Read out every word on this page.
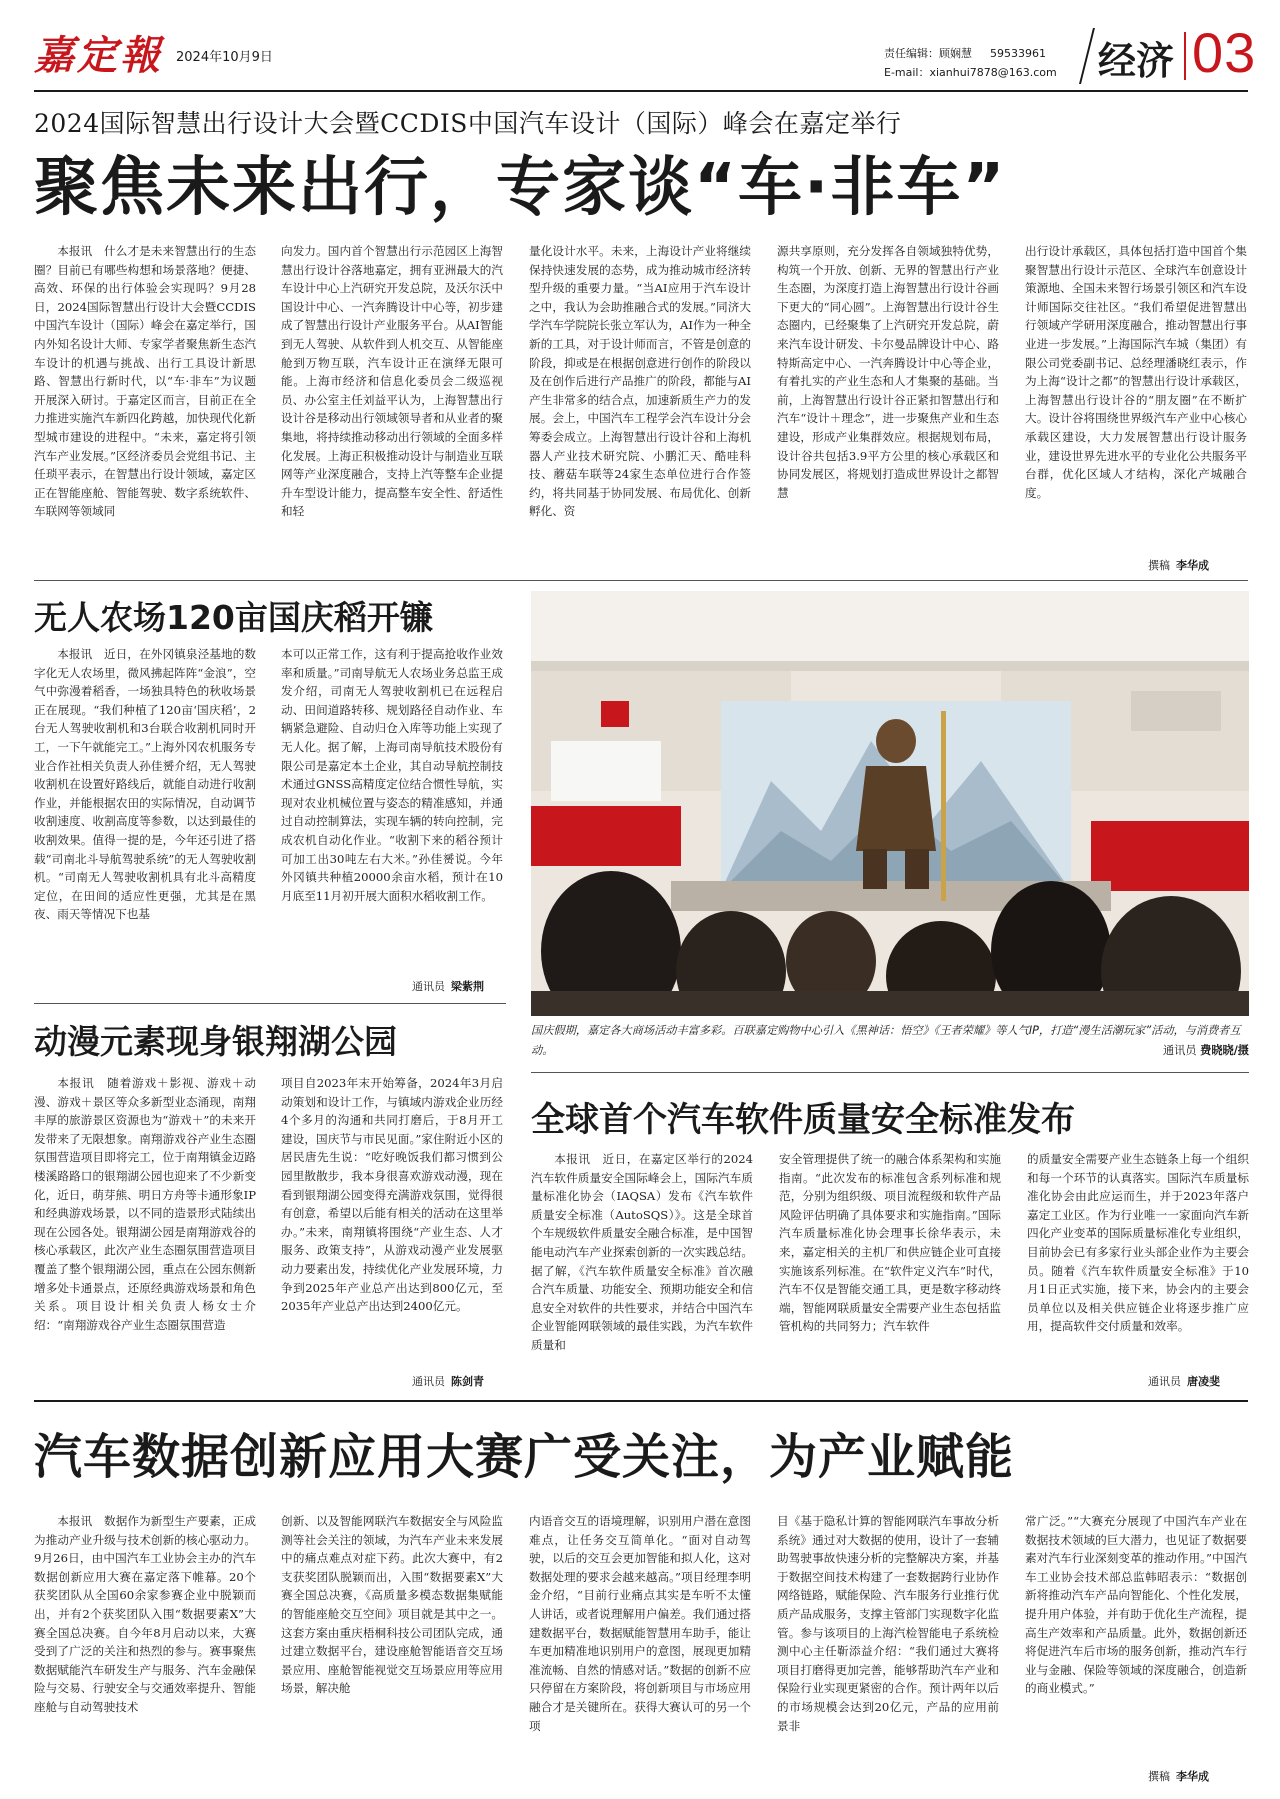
嘉定報 2024年10月9日	责任编辑：顾娴慧 59533961
E-mail：xianhui7878@163.com 经济 03
2024国际智慧出行设计大会暨CCDIS中国汽车设计（国际）峰会在嘉定举行
聚焦未来出行，专家谈“车·非车”

本报讯　什么才是未来智慧出行的生态圈？目前已有哪些构想和场景落地？便捷、高效、环保的出行体验会实现吗？9月28日，2024国际智慧出行设计大会暨CCDIS中国汽车设计（国际）峰会在嘉定举行，国内外知名设计大师、专家学者聚焦新生态汽车设计的机遇与挑战、出行工具设计新思路、智慧出行新时代，以“车·非车”为议题开展深入研讨。于嘉定区而言，目前正在全力推进实施汽车新四化跨越，加快现代化新型城市建设的进程中。“未来，嘉定将引领汽车产业发展。”区经济委员会党组书记、主任琐平表示，在智慧出行设计领域，嘉定区正在智能座舱、智能驾驶、数字系统软件、车联网等领域同

向发力。国内首个智慧出行示范园区上海智慧出行设计谷落地嘉定，拥有亚洲最大的汽车设计中心上汽研究开发总院，及沃尔沃中国设计中心、一汽奔腾设计中心等，初步建成了智慧出行设计产业服务平台。从AI智能到无人驾驶、从软件到人机交互、从智能座舱到万物互联，汽车设计正在演绎无限可能。上海市经济和信息化委员会二级巡视员、办公室主任刘益平认为，上海智慧出行设计谷是移动出行领域领导者和从业者的聚集地，将持续推动移动出行领域的全面多样化发展。上海正积极推动设计与制造业互联网等产业深度融合，支持上汽等整车企业提升车型设计能力，提高整车安全性、舒适性和轻

量化设计水平。未来，上海设计产业将继续保持快速发展的态势，成为推动城市经济转型升级的重要力量。“当AI应用于汽车设计之中，我认为会助推融合式的发展。”同济大学汽车学院院长张立军认为，AI作为一种全新的工具，对于设计师而言，不管是创意的阶段，抑或是在根据创意进行创作的阶段以及在创作后进行产品推广的阶段，都能与AI产生非常多的结合点，加速新质生产力的发展。会上，中国汽车工程学会汽车设计分会筹委会成立。上海智慧出行设计谷和上海机器人产业技术研究院、小鹏汇天、酷哇科技、蘑菇车联等24家生态单位进行合作签约，将共同基于协同发展、布局优化、创新孵化、资

源共享原则，充分发挥各自领域独特优势，构筑一个开放、创新、无界的智慧出行产业生态圈，为深度打造上海智慧出行设计谷画下更大的“同心圆”。上海智慧出行设计谷生态圈内，已经聚集了上汽研究开发总院，蔚来汽车设计研发、卡尔曼品牌设计中心、路特斯高定中心、一汽奔腾设计中心等企业，有着扎实的产业生态和人才集聚的基础。当前，上海智慧出行设计谷正紧扣智慧出行和汽车“设计＋理念”，进一步聚焦产业和生态建设，形成产业集群效应。根据规划布局，设计谷共包括3.9平方公里的核心承载区和协同发展区，将规划打造成世界设计之都智慧

出行设计承载区，具体包括打造中国首个集聚智慧出行设计示范区、全球汽车创意设计策源地、全国未来智行场景引领区和汽车设计师国际交往社区。“我们希望促进智慧出行领域产学研用深度融合，推动智慧出行事业进一步发展。”上海国际汽车城（集团）有限公司党委副书记、总经理潘晓红表示，作为上海“设计之都”的智慧出行设计承载区，上海智慧出行设计谷的“朋友圈”在不断扩大。设计谷将围绕世界级汽车产业中心核心承载区建设，大力发展智慧出行设计服务业，建设世界先进水平的专业化公共服务平台群，优化区域人才结构，深化产城融合度。

撰稿 李华成
无人农场120亩国庆稻开镰

本报讯　近日，在外冈镇泉泾基地的数字化无人农场里，微风拂起阵阵“金浪”，空气中弥漫着稻香，一场独具特色的秋收场景正在展现。“我们种植了120亩‘国庆稻’，2台无人驾驶收割机和3台联合收割机同时开工，一下午就能完工。”上海外冈农机服务专业合作社相关负责人孙佳赟介绍，无人驾驶收割机在设置好路线后，就能自动进行收割作业，并能根据农田的实际情况，自动调节收割速度、收割高度等参数，以达到最佳的收割效果。值得一提的是，今年还引进了搭载“司南北斗导航驾驶系统”的无人驾驶收割机。“司南无人驾驶收割机具有北斗高精度定位，在田间的适应性更强，尤其是在黑夜、雨天等情况下也基

本可以正常工作，这有利于提高抢收作业效率和质量。”司南导航无人农场业务总监王成发介绍，司南无人驾驶收割机已在远程启动、田间道路转移、规划路径自动作业、车辆紧急避险、自动归仓入库等功能上实现了无人化。据了解，上海司南导航技术股份有限公司是嘉定本土企业，其自动导航控制技术通过GNSS高精度定位结合惯性导航，实现对农业机械位置与姿态的精准感知，并通过自动控制算法，实现车辆的转向控制，完成农机自动化作业。“收割下来的稻谷预计可加工出30吨左右大米。”孙佳赟说。今年外冈镇共种植20000余亩水稻，预计在10月底至11月初开展大面积水稻收割工作。

通讯员 梁紫荆
国庆假期，嘉定各大商场活动丰富多彩。百联嘉定购物中心引入《黑神话：悟空》《王者荣耀》等人气IP，打造“漫生活潮玩家”活动，与消费者互动。	通讯员 费晓晓/摄
动漫元素现身银翔湖公园

本报讯　随着游戏＋影视、游戏＋动漫、游戏＋景区等众多新型业态涌现，南翔丰厚的旅游景区资源也为“游戏＋”的未来开发带来了无限想象。南翔游戏谷产业生态圈氛围营造项目即将完工，位于南翔镇金迈路楼溪路路口的银翔湖公园也迎来了不少新变化，近日，萌芽熊、明日方舟等卡通形象IP和经典游戏场景，以不同的造景形式陆续出现在公园各处。银翔湖公园是南翔游戏谷的核心承载区，此次产业生态圈氛围营造项目覆盖了整个银翔湖公园，重点在公园东侧新增多处卡通景点，还原经典游戏场景和角色关系。项目设计相关负责人杨女士介绍：“南翔游戏谷产业生态圈氛围营造

项目自2023年末开始筹备，2024年3月启动策划和设计工作，与镇域内游戏企业历经4个多月的沟通和共同打磨后，于8月开工建设，国庆节与市民见面。”家住附近小区的居民唐先生说：“吃好晚饭我们都习惯到公园里散散步，我本身很喜欢游戏动漫，现在看到银翔湖公园变得充满游戏氛围，觉得很有创意，希望以后能有相关的活动在这里举办。”未来，南翔镇将围绕“产业生态、人才服务、政策支持”，从游戏动漫产业发展驱动力要素出发，持续优化产业发展环境，力争到2025年产业总产出达到800亿元，至2035年产业总产出达到2400亿元。

通讯员 陈剑青
全球首个汽车软件质量安全标准发布

本报讯　近日，在嘉定区举行的2024汽车软件质量安全国际峰会上，国际汽车质量标准化协会（IAQSA）发布《汽车软件质量安全标准（AutoSQS）》。这是全球首个车规级软件质量安全融合标准，是中国智能电动汽车产业探索创新的一次实践总结。据了解，《汽车软件质量安全标准》首次融合汽车质量、功能安全、预期功能安全和信息安全对软件的共性要求，并结合中国汽车企业智能网联领域的最佳实践，为汽车软件质量和

安全管理提供了统一的融合体系架构和实施指南。“此次发布的标准包含系列标准和规范，分别为组织级、项目流程级和软件产品风险评估明确了具体要求和实施指南。”国际汽车质量标准化协会理事长徐华表示，未来，嘉定相关的主机厂和供应链企业可直接实施该系列标准。在“软件定义汽车”时代，汽车不仅是智能交通工具，更是数字移动终端，智能网联质量安全需要产业生态包括监管机构的共同努力；汽车软件

的质量安全需要产业生态链条上每一个组织和每一个环节的认真落实。国际汽车质量标准化协会由此应运而生，并于2023年落户嘉定工业区。作为行业唯一一家面向汽车新四化产业变革的国际质量标准化专业组织，目前协会已有多家行业头部企业作为主要会员。随着《汽车软件质量安全标准》于10月1日正式实施，接下来，协会内的主要会员单位以及相关供应链企业将逐步推广应用，提高软件交付质量和效率。

通讯员 唐凌斐
汽车数据创新应用大赛广受关注，为产业赋能

本报讯　数据作为新型生产要素，正成为推动产业升级与技术创新的核心驱动力。9月26日，由中国汽车工业协会主办的汽车数据创新应用大赛在嘉定落下帷幕。20个获奖团队从全国60余家参赛企业中脱颖而出，并有2个获奖团队入围“数据要素X”大赛全国总决赛。自今年8月启动以来，大赛受到了广泛的关注和热烈的参与。赛事聚焦数据赋能汽车研发生产与服务、汽车金融保险与交易、行驶安全与交通效率提升、智能座舱与自动驾驶技术

创新、以及智能网联汽车数据安全与风险监测等社会关注的领域，为汽车产业未来发展中的痛点难点对症下药。此次大赛中，有2支获奖团队脱颖而出，入围“数据要素X”大赛全国总决赛，《高质量多模态数据集赋能的智能座舱交互空间》项目就是其中之一。这套方案由重庆梧桐科技公司团队完成，通过建立数据平台，建设座舱智能语音交互场景应用、座舱智能视觉交互场景应用等应用场景，解决舱

内语音交互的语境理解，识别用户潜在意图难点，让任务交互简单化。“面对自动驾驶，以后的交互会更加智能和拟人化，这对数据处理的要求会越来越高。”项目经理李明金介绍，“目前行业痛点其实是车听不太懂人讲话，或者说理解用户偏差。我们通过搭建数据平台，数据赋能智慧用车助手，能让车更加精准地识别用户的意图，展现更加精准流畅、自然的情感对话。”数据的创新不应只停留在方案阶段，将创新项目与市场应用融合才是关键所在。获得大赛认可的另一个项

目《基于隐私计算的智能网联汽车事故分析系统》通过对大数据的使用，设计了一套辅助驾驶事故快速分析的完整解决方案，并基于数据空间技术构建了一套数据跨行业协作网络链路，赋能保险、汽车服务行业推行优质产品成服务，支撑主管部门实现数字化监管。参与该项目的上海汽检智能电子系统检测中心主任靳添益介绍：“我们通过大赛将项目打磨得更加完善，能够帮助汽车产业和保险行业实现更紧密的合作。预计两年以后的市场规模会达到20亿元，产品的应用前景非

常广泛。”“大赛充分展现了中国汽车产业在数据技术领域的巨大潜力，也见证了数据要素对汽车行业深刻变革的推动作用。”中国汽车工业协会技术部总监韩昭表示：“数据创新将推动汽车产品向智能化、个性化发展，提升用户体验，并有助于优化生产流程，提高生产效率和产品质量。此外，数据创新还将促进汽车后市场的服务创新，推动汽车行业与金融、保险等领域的深度融合，创造新的商业模式。”

撰稿 李华成
